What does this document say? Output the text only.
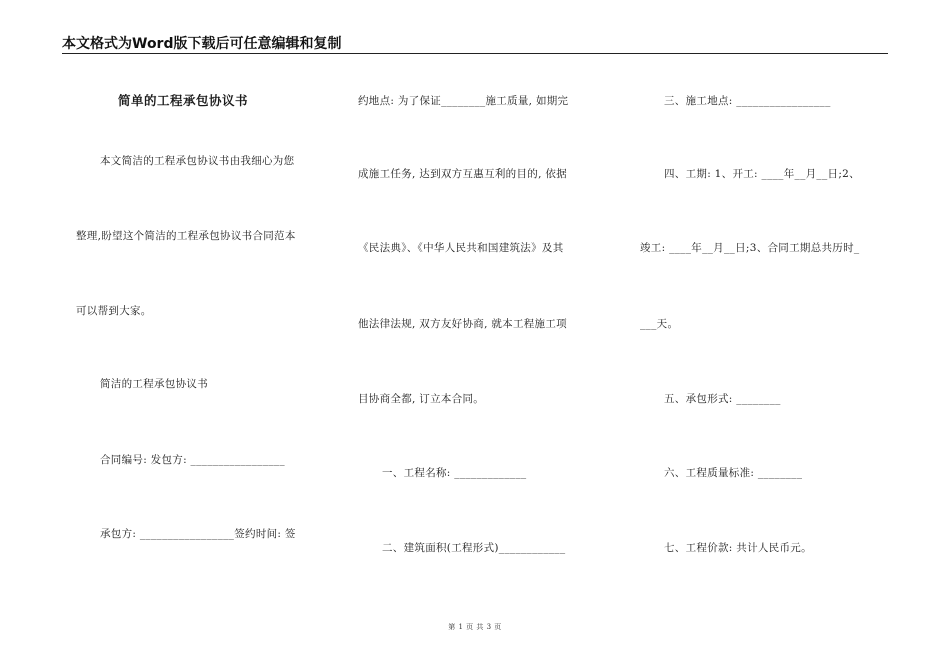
本文格式为Word版下载后可任意编辑和复制
简单的工程承包协议书
本文简洁的工程承包协议书由我细心为您
整理,盼望这个简洁的工程承包协议书合同范本
可以帮到大家。
简洁的工程承包协议书
合同编号: 发包方: _________________
承包方: _________________签约时间: 签
约地点: 为了保证________施工质量, 如期完
成施工任务, 达到双方互惠互利的目的, 依据
《民法典》、《中华人民共和国建筑法》及其
他法律法规, 双方友好协商, 就本工程施工项
目协商全都, 订立本合同。
一、工程名称: _____________
二、建筑面积(工程形式)____________
三、施工地点: _________________
四、工期: 1、开工: ____年__月__日;2、
竣工: ____年__月__日;3、合同工期总共历时_
___天。
五、承包形式: ________
六、工程质量标准: ________
七、工程价款: 共计人民币元。
第 1 页 共 3 页
